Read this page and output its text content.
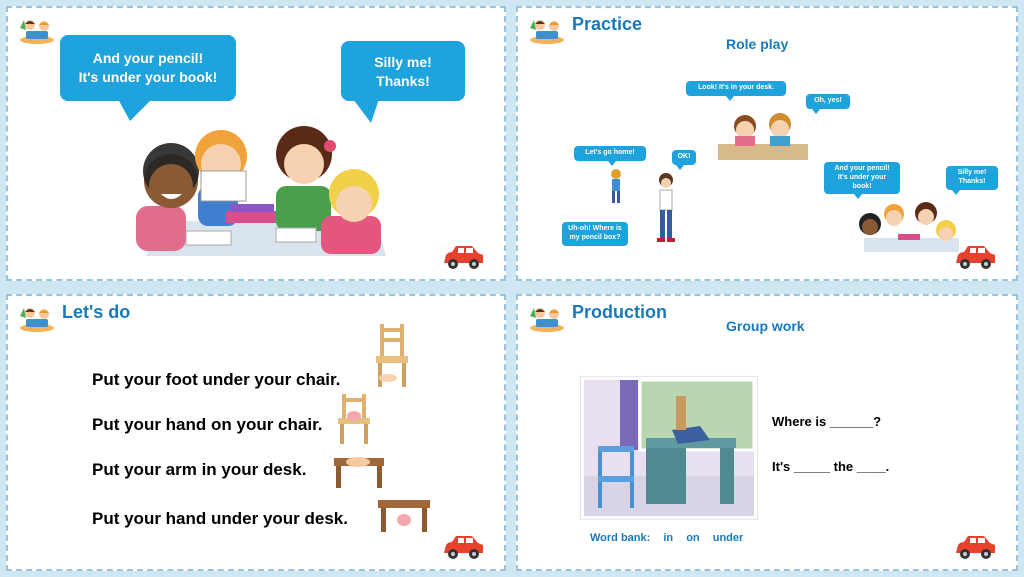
And your pencil!
It's under your book!
Silly me!
Thanks!
Practice
Role play
Look! It's in your desk.
Oh, yes!
Let's go home!
OK!
Uh-oh! Where is
my pencil box?
And your pencil!
It's under your book!
Silly me!
Thanks!
Let's do
Put your foot under your chair.
Put your hand on your chair.
Put your arm in your desk.
Put your hand under your desk.
Production
Group work
Where is ______?
It's _____ the ____.
Word bank: in on under
